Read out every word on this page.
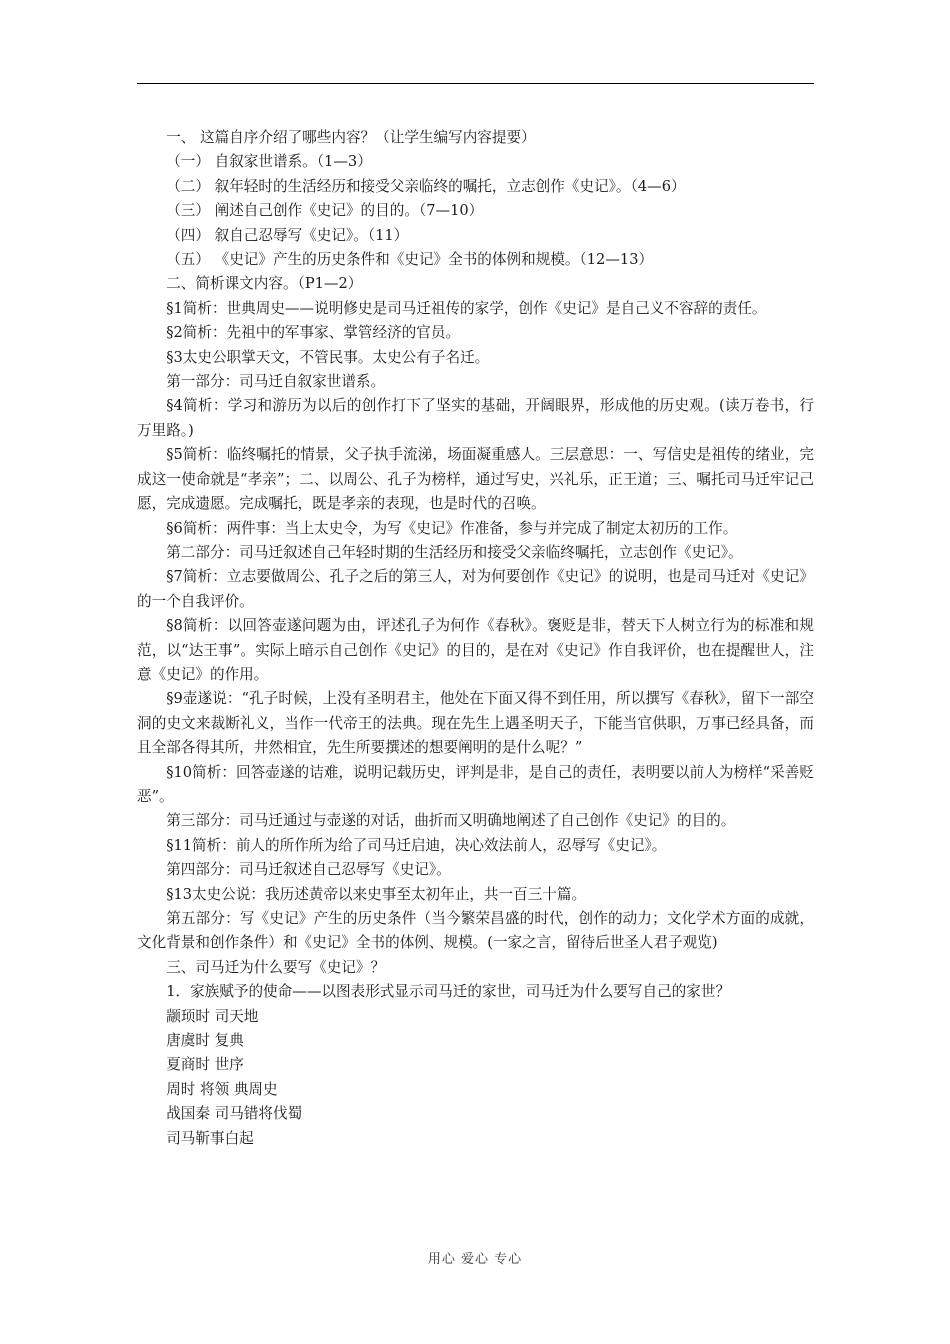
一、 这篇自序介绍了哪些内容？（让学生编写内容提要）

（一） 自叙家世谱系。（1—3）

（二） 叙年轻时的生活经历和接受父亲临终的嘱托，立志创作《史记》。（4—6）

（三） 阐述自己创作《史记》的目的。（7—10）

（四） 叙自己忍辱写《史记》。（11）

（五） 《史记》产生的历史条件和《史记》全书的体例和规模。（12—13）

二、简析课文内容。（P1—2）

§1简析：世典周史——说明修史是司马迁祖传的家学，创作《史记》是自己义不容辞的责任。

§2简析：先祖中的军事家、掌管经济的官员。

§3太史公职掌天文，不管民事。太史公有子名迁。

第一部分：司马迁自叙家世谱系。

§4简析：学习和游历为以后的创作打下了坚实的基础，开阔眼界，形成他的历史观。(读万卷书，行万里路。)

§5简析：临终嘱托的情景，父子执手流涕，场面凝重感人。三层意思：一、写信史是祖传的绪业，完成这一使命就是“孝亲”；二、以周公、孔子为榜样，通过写史，兴礼乐，正王道；三、嘱托司马迁牢记己愿，完成遗愿。完成嘱托，既是孝亲的表现，也是时代的召唤。

§6简析：两件事：当上太史令，为写《史记》作准备，参与并完成了制定太初历的工作。

第二部分：司马迁叙述自己年轻时期的生活经历和接受父亲临终嘱托，立志创作《史记》。

§7简析：立志要做周公、孔子之后的第三人，对为何要创作《史记》的说明，也是司马迁对《史记》的一个自我评价。

§8简析：以回答壶遂问题为由，评述孔子为何作《春秋》。褒贬是非，替天下人树立行为的标准和规范，以“达王事”。实际上暗示自己创作《史记》的目的，是在对《史记》作自我评价，也在提醒世人，注意《史记》的作用。

§9壶遂说：“孔子时候，上没有圣明君主，他处在下面又得不到任用，所以撰写《春秋》，留下一部空洞的史文来裁断礼义，当作一代帝王的法典。现在先生上遇圣明天子，下能当官供职，万事已经具备，而且全部各得其所，井然相宜，先生所要撰述的想要阐明的是什么呢？”

§10简析：回答壶遂的诘难，说明记载历史，评判是非，是自己的责任，表明要以前人为榜样“采善贬恶”。

第三部分：司马迁通过与壶遂的对话，曲折而又明确地阐述了自己创作《史记》的目的。

§11简析：前人的所作所为给了司马迁启迪，决心效法前人，忍辱写《史记》。

第四部分：司马迁叙述自己忍辱写《史记》。

§13太史公说：我历述黄帝以来史事至太初年止，共一百三十篇。

第五部分：写《史记》产生的历史条件（当今繁荣昌盛的时代，创作的动力；文化学术方面的成就，文化背景和创作条件）和《史记》全书的体例、规模。(一家之言，留待后世圣人君子观览)

三、司马迁为什么要写《史记》？

1．家族赋予的使命——以图表形式显示司马迁的家世，司马迁为什么要写自己的家世？

颛顼时 司天地

唐虞时 复典

夏商时 世序

周时 将领 典周史

战国秦 司马错将伐蜀

司马靳事白起

用心 爱心 专心
